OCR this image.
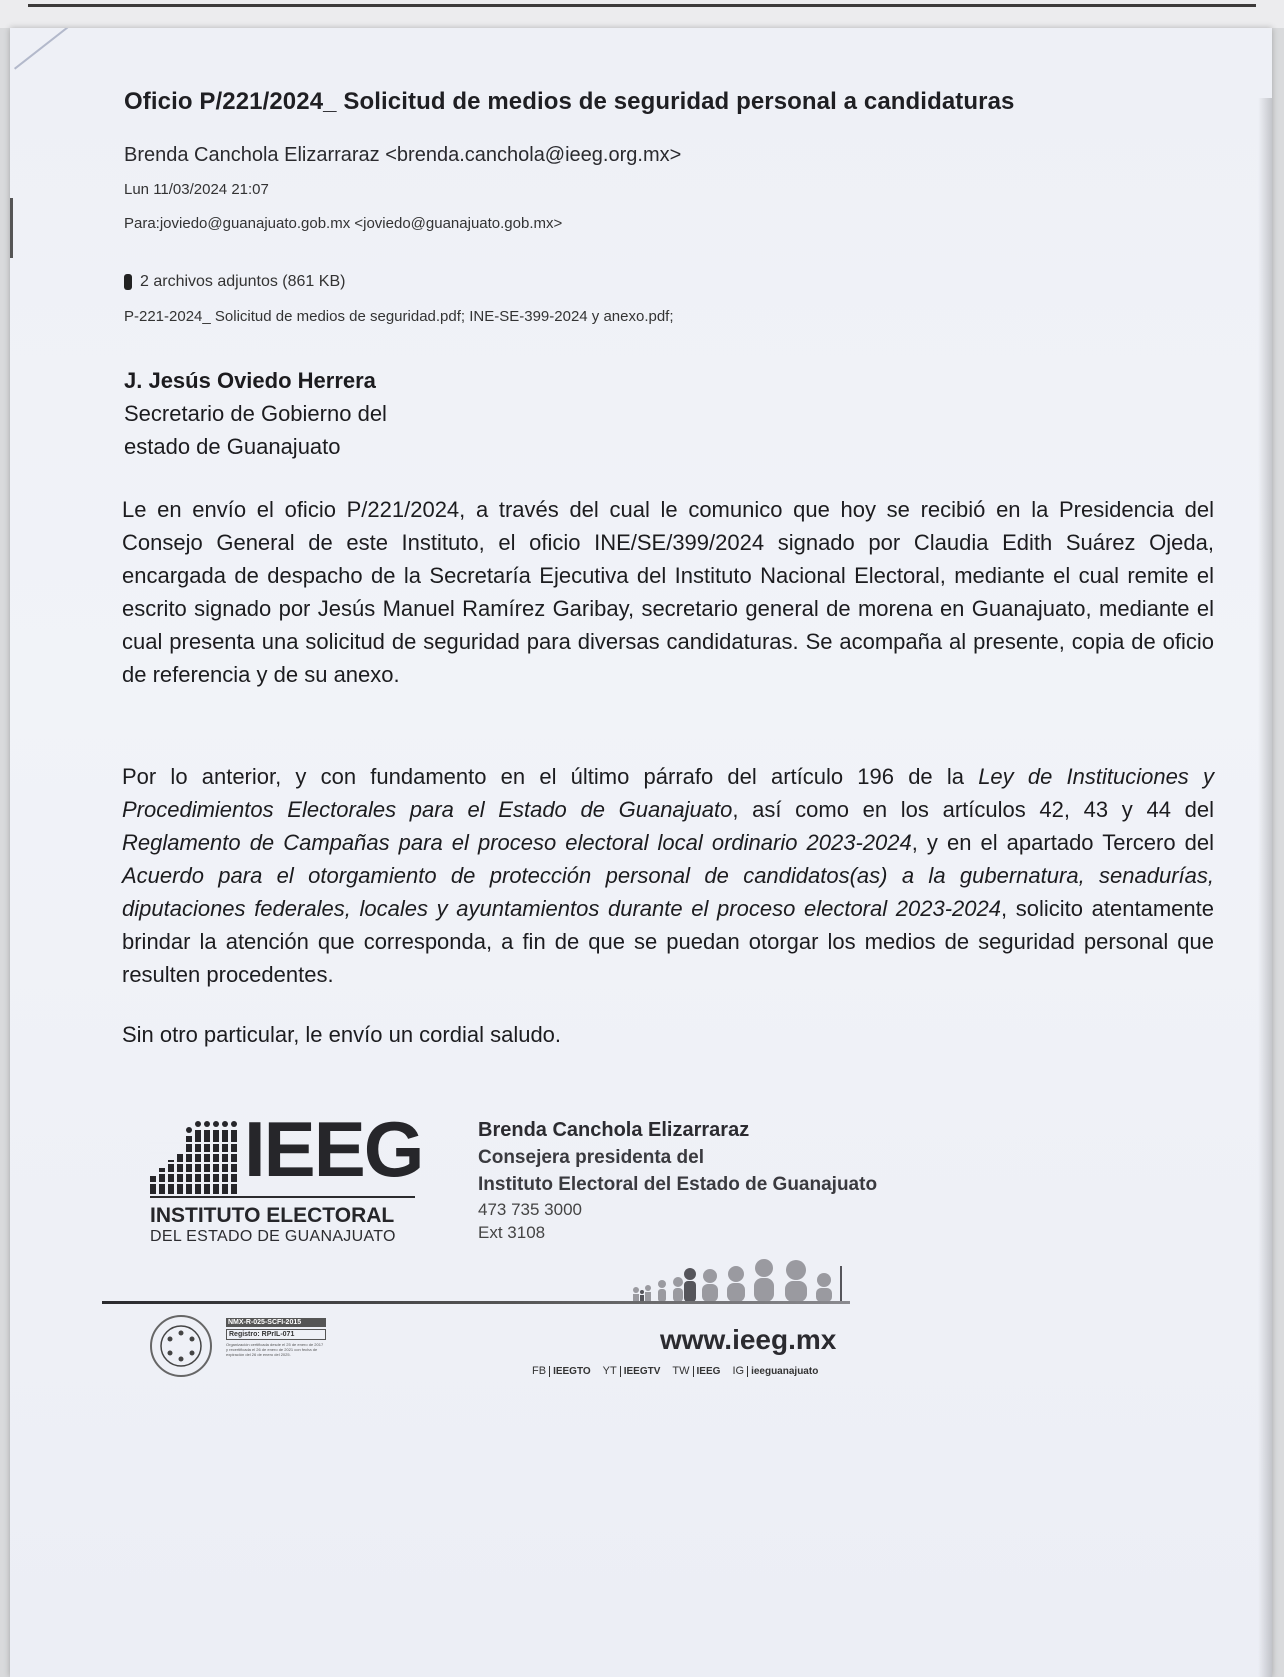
Oficio P/221/2024_ Solicitud de medios de seguridad personal a candidaturas
Brenda Canchola Elizarraraz <brenda.canchola@ieeg.org.mx>
Lun 11/03/2024 21:07
Para:joviedo@guanajuato.gob.mx <joviedo@guanajuato.gob.mx>
2 archivos adjuntos (861 KB)
P-221-2024_ Solicitud de medios de seguridad.pdf; INE-SE-399-2024 y anexo.pdf;
J. Jesús Oviedo Herrera
Secretario de Gobierno del
estado de Guanajuato
Le en envío el oficio P/221/2024, a través del cual le comunico que hoy se recibió en la Presidencia del Consejo General de este Instituto, el oficio INE/SE/399/2024 signado por Claudia Edith Suárez Ojeda, encargada de despacho de la Secretaría Ejecutiva del Instituto Nacional Electoral, mediante el cual remite el escrito signado por Jesús Manuel Ramírez Garibay, secretario general de morena en Guanajuato, mediante el cual presenta una solicitud de seguridad para diversas candidaturas. Se acompaña al presente, copia de oficio de referencia y de su anexo.
Por lo anterior, y con fundamento en el último párrafo del artículo 196 de la Ley de Instituciones y Procedimientos Electorales para el Estado de Guanajuato, así como en los artículos 42, 43 y 44 del Reglamento de Campañas para el proceso electoral local ordinario 2023-2024, y en el apartado Tercero del Acuerdo para el otorgamiento de protección personal de candidatos(as) a la gubernatura, senadurías, diputaciones federales, locales y ayuntamientos durante el proceso electoral 2023-2024, solicito atentamente brindar la atención que corresponda, a fin de que se puedan otorgar los medios de seguridad personal que resulten procedentes.
Sin otro particular, le envío un cordial saludo.
IEEG
INSTITUTO ELECTORAL
DEL ESTADO DE GUANAJUATO
Brenda Canchola Elizarraraz
Consejera presidenta del
Instituto Electoral del Estado de Guanajuato
473 735 3000
Ext 3108
NMX-R-025-SCFI-2015
Registro: RPrIL-071
Organización certificada desde el 25 de enero de 2017 y recertificada el 26 de enero de 2021 con fecha de expiración del 26 de enero del 2025.	www.ieeg.mx
FB IEEGTO YT IEEGTV TW IEEG IG ieeguanajuato
